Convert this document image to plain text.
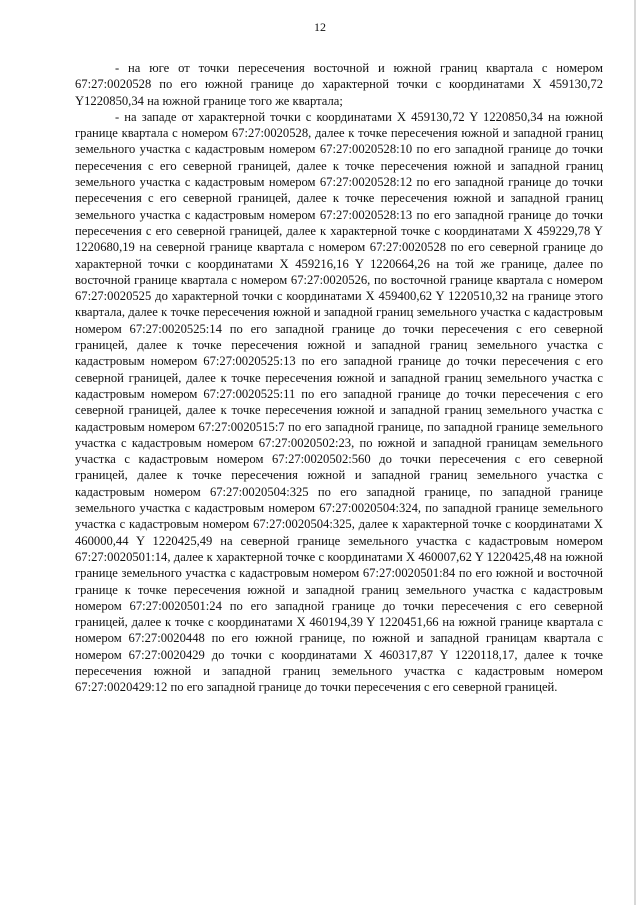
12

- на юге от точки пересечения восточной и южной границ квартала с номером 67:27:0020528 по его южной границе до характерной точки с координатами X 459130,72 Y1220850,34 на южной границе того же квартала;

- на западе от характерной точки с координатами X 459130,72 Y 1220850,34 на южной границе квартала с номером 67:27:0020528, далее к точке пересечения южной и западной границ земельного участка с кадастровым номером 67:27:0020528:10 по его западной границе до точки пересечения с его северной границей, далее к точке пересечения южной и западной границ земельного участка с кадастровым номером 67:27:0020528:12 по его западной границе до точки пересечения с его северной границей, далее к точке пересечения южной и западной границ земельного участка с кадастровым номером 67:27:0020528:13 по его западной границе до точки пересечения с его северной границей, далее к характерной точке с координатами X 459229,78 Y 1220680,19 на северной границе квартала с номером 67:27:0020528 по его северной границе до характерной точки с координатами X 459216,16 Y 1220664,26 на той же границе, далее по восточной границе квартала с номером 67:27:0020526, по восточной границе квартала с номером 67:27:0020525 до характерной точки с координатами X 459400,62 Y 1220510,32 на границе этого квартала, далее к точке пересечения южной и западной границ земельного участка с кадастровым номером 67:27:0020525:14 по его западной границе до точки пересечения с его северной границей, далее к точке пересечения южной и западной границ земельного участка с кадастровым номером 67:27:0020525:13 по его западной границе до точки пересечения с его северной границей, далее к точке пересечения южной и западной границ земельного участка с кадастровым номером 67:27:0020525:11 по его западной границе до точки пересечения с его северной границей, далее к точке пересечения южной и западной границ земельного участка с кадастровым номером 67:27:0020515:7 по его западной границе, по западной границе земельного участка с кадастровым номером 67:27:0020502:23, по южной и западной границам земельного участка с кадастровым номером 67:27:0020502:560 до точки пересечения с его северной границей, далее к точке пересечения южной и западной границ земельного участка с кадастровым номером 67:27:0020504:325 по его западной границе, по западной границе земельного участка с кадастровым номером 67:27:0020504:324, по западной границе земельного участка с кадастровым номером 67:27:0020504:325, далее к характерной точке с координатами X 460000,44 Y 1220425,49 на северной границе земельного участка с кадастровым номером 67:27:0020501:14, далее к характерной точке с координатами X 460007,62 Y 1220425,48 на южной границе земельного участка с кадастровым номером 67:27:0020501:84 по его южной и восточной границе к точке пересечения южной и западной границ земельного участка с кадастровым номером 67:27:0020501:24 по его западной границе до точки пересечения с его северной границей, далее к точке с координатами X 460194,39 Y 1220451,66 на южной границе квартала с номером 67:27:0020448 по его южной границе, по южной и западной границам квартала с номером 67:27:0020429 до точки с координатами X 460317,87 Y 1220118,17, далее к точке пересечения южной и западной границ земельного участка с кадастровым номером 67:27:0020429:12 по его западной границе до точки пересечения с его северной границей.
